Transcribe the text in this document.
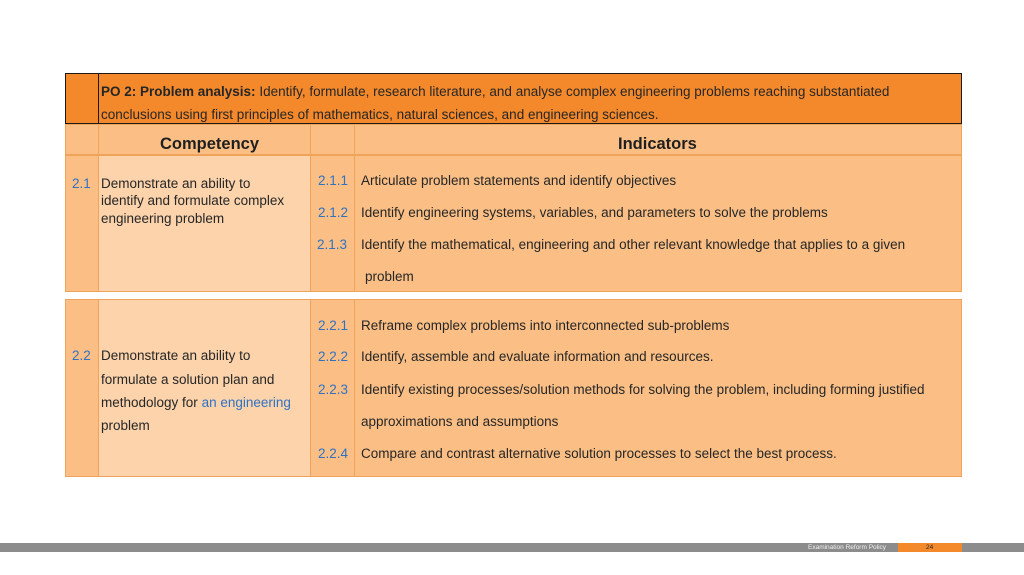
PO 2: Problem analysis: Identify, formulate, research literature, and analyse complex engineering problems reaching substantiated conclusions using first principles of mathematics, natural sciences, and engineering sciences.
Competency	Indicators
2.1 Demonstrate an ability to
identify and formulate complex
engineering problem
2.1.1
2.1.2
2.1.3
Articulate problem statements and identify objectives
Identify engineering systems, variables, and parameters to solve the problems
Identify the mathematical, engineering and other relevant knowledge that applies to a given
problem
2.2 Demonstrate an ability to
formulate a solution plan and
methodology for an engineering
problem
2.2.1
2.2.2
2.2.3
2.2.4
Reframe complex problems into interconnected sub-problems
Identify, assemble and evaluate information and resources.
Identify existing processes/solution methods for solving the problem, including forming justified
approximations and assumptions
Compare and contrast alternative solution processes to select the best process.
Examination Reform Policy	24
